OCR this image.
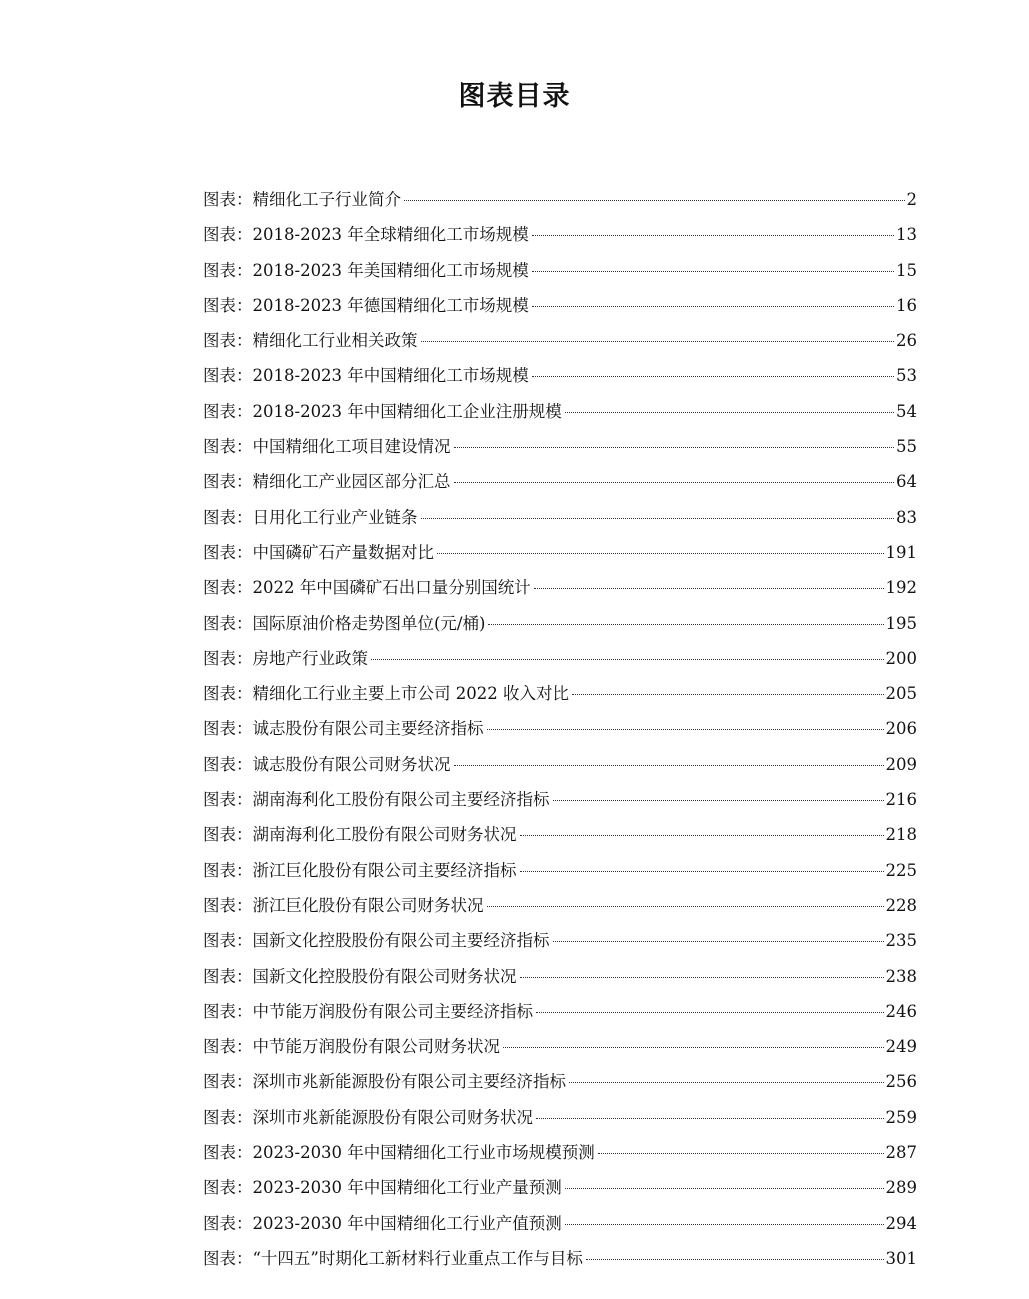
图表目录
图表： 精细化工子行业简介	2
图表： 2018-2023 年全球精细化工市场规模	13
图表： 2018-2023 年美国精细化工市场规模	15
图表： 2018-2023 年德国精细化工市场规模	16
图表： 精细化工行业相关政策	26
图表： 2018-2023 年中国精细化工市场规模	53
图表： 2018-2023 年中国精细化工企业注册规模	54
图表： 中国精细化工项目建设情况	55
图表： 精细化工产业园区部分汇总	64
图表： 日用化工行业产业链条	83
图表： 中国磷矿石产量数据对比	191
图表： 2022 年中国磷矿石出口量分别国统计	192
图表： 国际原油价格走势图单位(元/桶)	195
图表： 房地产行业政策	200
图表： 精细化工行业主要上市公司 2022 收入对比	205
图表： 诚志股份有限公司主要经济指标	206
图表： 诚志股份有限公司财务状况	209
图表： 湖南海利化工股份有限公司主要经济指标	216
图表： 湖南海利化工股份有限公司财务状况	218
图表： 浙江巨化股份有限公司主要经济指标	225
图表： 浙江巨化股份有限公司财务状况	228
图表： 国新文化控股股份有限公司主要经济指标	235
图表： 国新文化控股股份有限公司财务状况	238
图表： 中节能万润股份有限公司主要经济指标	246
图表： 中节能万润股份有限公司财务状况	249
图表： 深圳市兆新能源股份有限公司主要经济指标	256
图表： 深圳市兆新能源股份有限公司财务状况	259
图表： 2023-2030 年中国精细化工行业市场规模预测	287
图表： 2023-2030 年中国精细化工行业产量预测	289
图表： 2023-2030 年中国精细化工行业产值预测	294
图表： “十四五”时期化工新材料行业重点工作与目标	301
